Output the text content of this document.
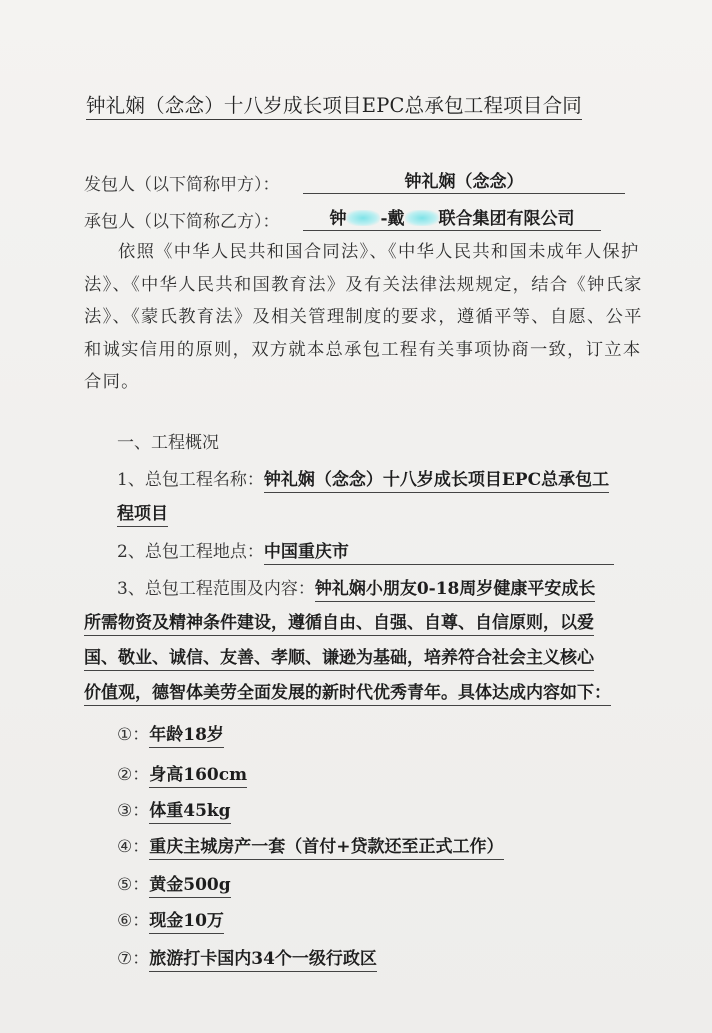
钟礼娴（念念）十八岁成长项目EPC总承包工程项目合同
发包人（以下简称甲方）：	钟礼娴（念念）
承包人（以下简称乙方）：	钟 -戴 联合集团有限公司

依照《中华人民共和国合同法》、《中华人民共和国未成年人保护法》、《中华人民共和国教育法》及有关法律法规规定，结合《钟氏家法》、《蒙氏教育法》及相关管理制度的要求，遵循平等、自愿、公平和诚实信用的原则，双方就本总承包工程有关事项协商一致，订立本合同。

一、工程概况
1、总包工程名称：钟礼娴（念念）十八岁成长项目EPC总承包工
程项目
2、总包工程地点：中国重庆市
3、总包工程范围及内容：钟礼娴小朋友0-18周岁健康平安成长
所需物资及精神条件建设，遵循自由、自强、自尊、自信原则，以爱
国、敬业、诚信、友善、孝顺、谦逊为基础，培养符合社会主义核心
价值观，德智体美劳全面发展的新时代优秀青年。具体达成内容如下：
①：年龄18岁
②：身高160cm
③：体重45kg
④：重庆主城房产一套（首付+贷款还至正式工作）
⑤：黄金500g
⑥：现金10万
⑦：旅游打卡国内34个一级行政区
